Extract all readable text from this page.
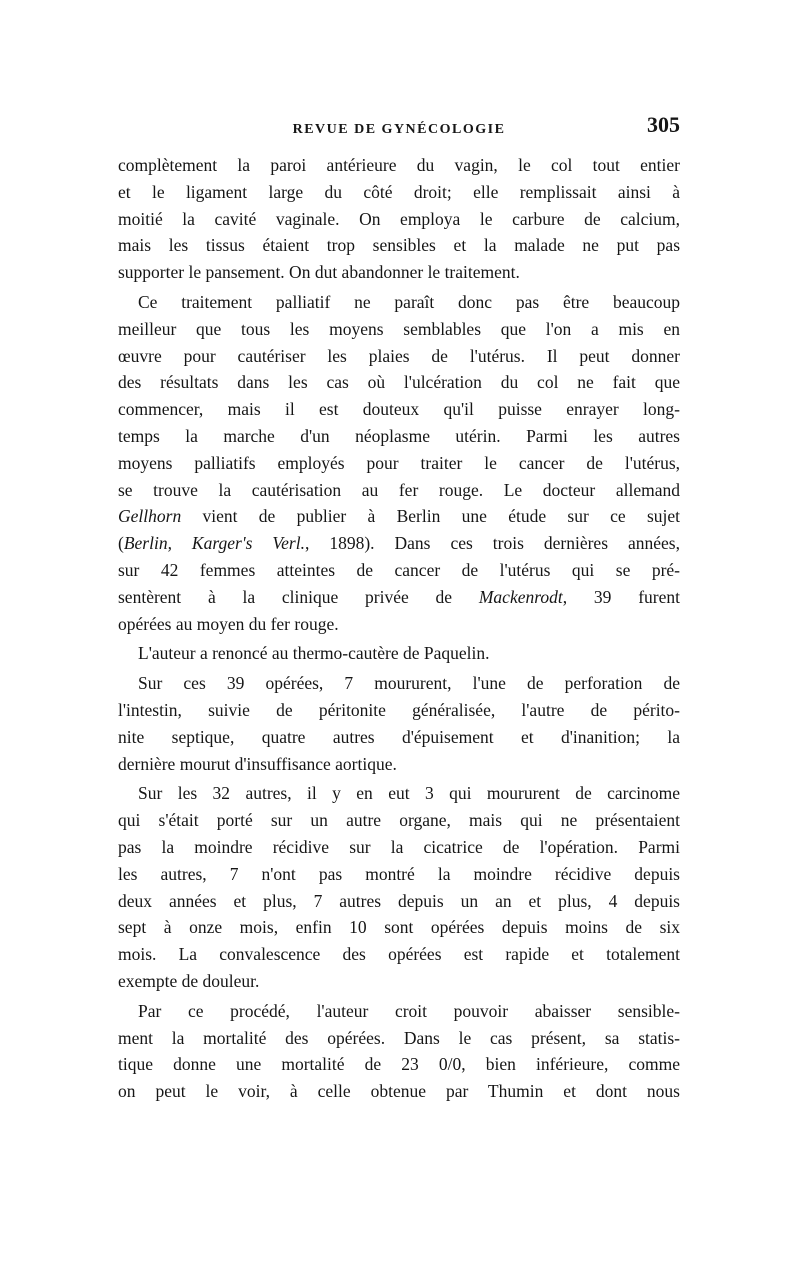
REVUE DE GYNÉCOLOGIE	305

complètement la paroi antérieure du vagin, le col tout entier
et le ligament large du côté droit; elle remplissait ainsi à
moitié la cavité vaginale. On employa le carbure de calcium,
mais les tissus étaient trop sensibles et la malade ne put pas
supporter le pansement. On dut abandonner le traitement.

Ce traitement palliatif ne paraît donc pas être beaucoup
meilleur que tous les moyens semblables que l'on a mis en
œuvre pour cautériser les plaies de l'utérus. Il peut donner
des résultats dans les cas où l'ulcération du col ne fait que
commencer, mais il est douteux qu'il puisse enrayer long-
temps la marche d'un néoplasme utérin. Parmi les autres
moyens palliatifs employés pour traiter le cancer de l'utérus,
se trouve la cautérisation au fer rouge. Le docteur allemand
Gellhorn vient de publier à Berlin une étude sur ce sujet
(Berlin, Karger's Verl., 1898). Dans ces trois dernières années,
sur 42 femmes atteintes de cancer de l'utérus qui se pré-
sentèrent à la clinique privée de Mackenrodt, 39 furent
opérées au moyen du fer rouge.

L'auteur a renoncé au thermo-cautère de Paquelin.

Sur ces 39 opérées, 7 moururent, l'une de perforation de
l'intestin, suivie de péritonite généralisée, l'autre de périto-
nite septique, quatre autres d'épuisement et d'inanition; la
dernière mourut d'insuffisance aortique.

Sur les 32 autres, il y en eut 3 qui moururent de carcinome
qui s'était porté sur un autre organe, mais qui ne présentaient
pas la moindre récidive sur la cicatrice de l'opération. Parmi
les autres, 7 n'ont pas montré la moindre récidive depuis
deux années et plus, 7 autres depuis un an et plus, 4 depuis
sept à onze mois, enfin 10 sont opérées depuis moins de six
mois. La convalescence des opérées est rapide et totalement
exempte de douleur.

Par ce procédé, l'auteur croit pouvoir abaisser sensible-
ment la mortalité des opérées. Dans le cas présent, sa statis-
tique donne une mortalité de 23 0/0, bien inférieure, comme
on peut le voir, à celle obtenue par Thumin et dont nous
